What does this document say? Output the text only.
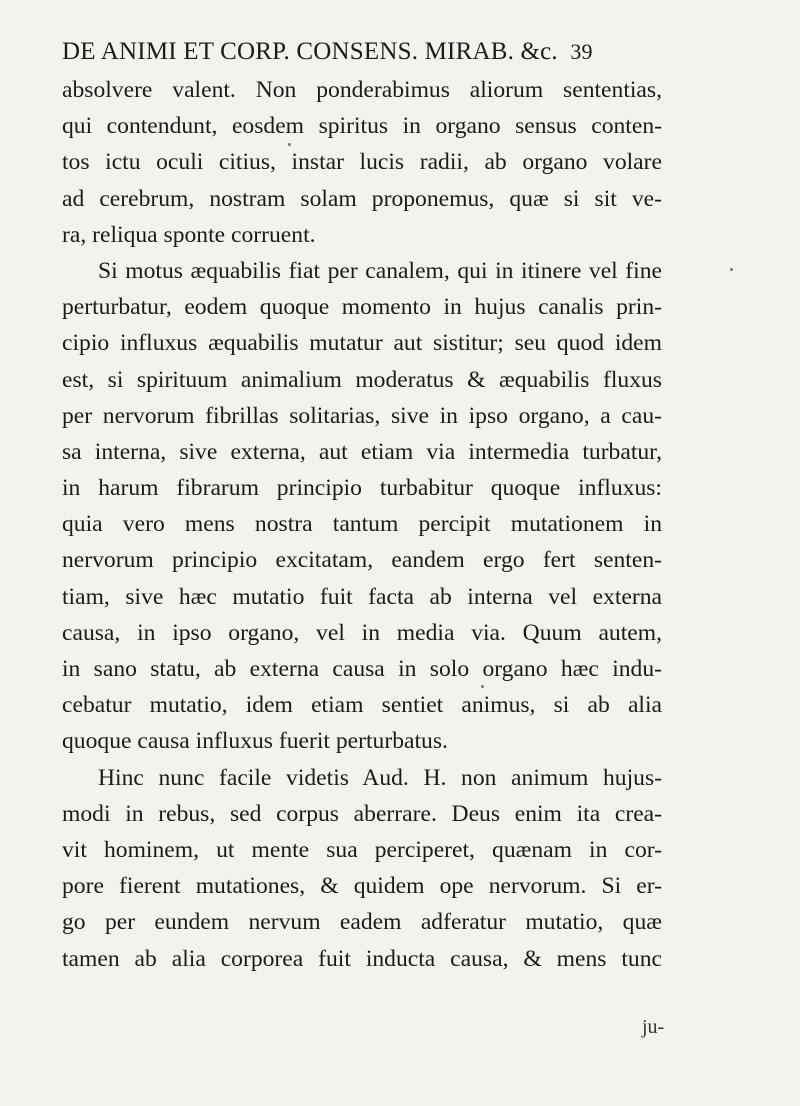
DE ANIMI ET CORP. CONSENS. MIRAB. &c. 39
absolvere valent. Non ponderabimus aliorum sententias,
qui contendunt, eosdem spiritus in organo sensus conten-
tos ictu oculi citius, instar lucis radii, ab organo volare
ad cerebrum, nostram solam proponemus, quæ si sit ve-
ra, reliqua sponte corruent.
Si motus æquabilis fiat per canalem, qui in itinere vel fine
perturbatur, eodem quoque momento in hujus canalis prin-
cipio influxus æquabilis mutatur aut sistitur; seu quod idem
est, si spirituum animalium moderatus & æquabilis fluxus
per nervorum fibrillas solitarias, sive in ipso organo, a cau-
sa interna, sive externa, aut etiam via intermedia turbatur,
in harum fibrarum principio turbabitur quoque influxus:
quia vero mens nostra tantum percipit mutationem in
nervorum principio excitatam, eandem ergo fert senten-
tiam, sive hæc mutatio fuit facta ab interna vel externa
causa, in ipso organo, vel in media via. Quum autem,
in sano statu, ab externa causa in solo organo hæc indu-
cebatur mutatio, idem etiam sentiet animus, si ab alia
quoque causa influxus fuerit perturbatus.
Hinc nunc facile videtis Aud. H. non animum hujus-
modi in rebus, sed corpus aberrare. Deus enim ita crea-
vit hominem, ut mente sua perciperet, quænam in cor-
pore fierent mutationes, & quidem ope nervorum. Si er-
go per eundem nervum eadem adferatur mutatio, quæ
tamen ab alia corporea fuit inducta causa, & mens tunc
ju-
